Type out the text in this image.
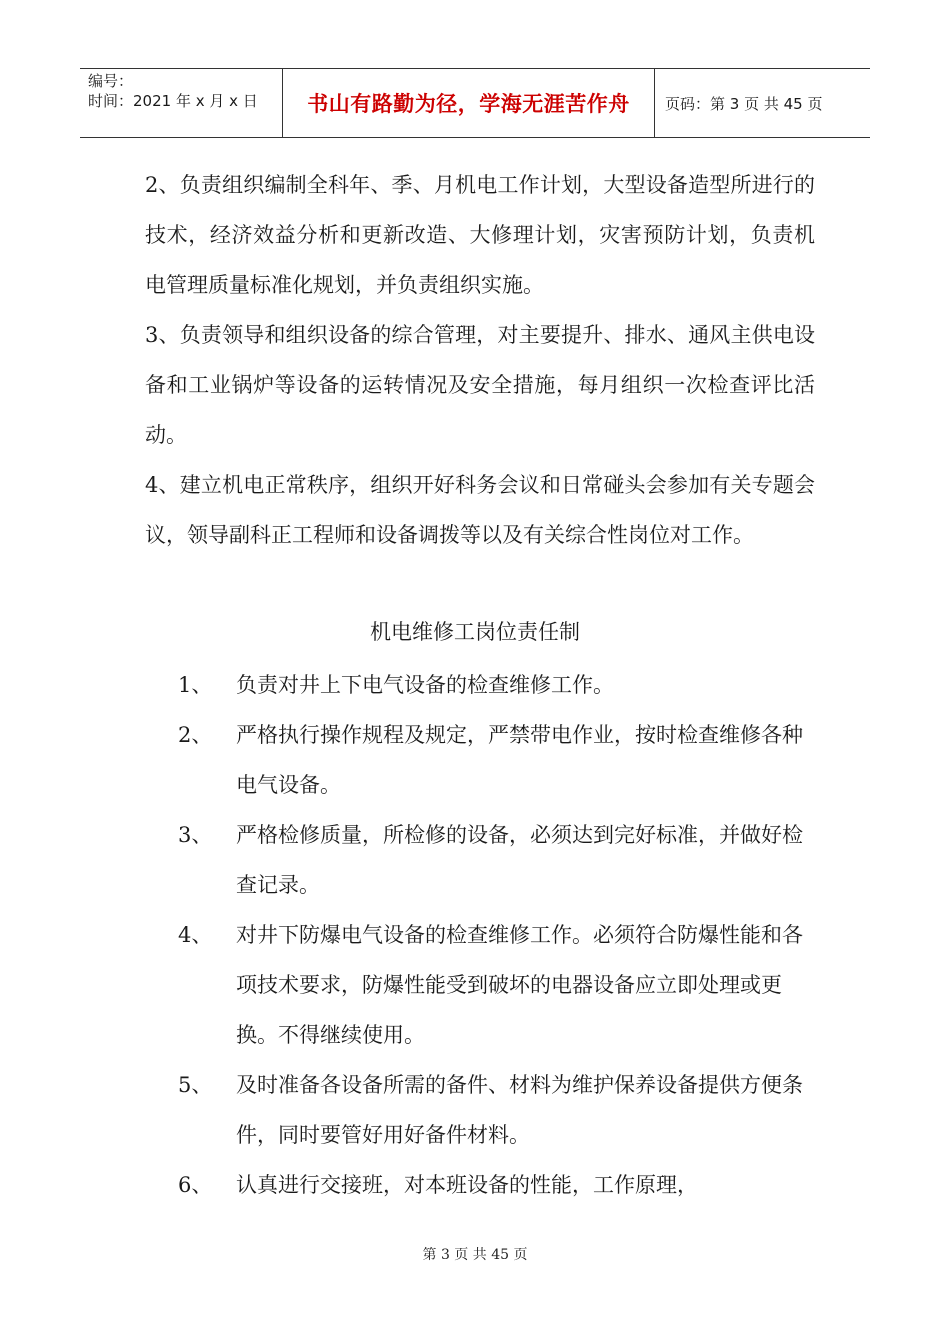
编号：
时间：2021 年 x 月 x 日	书山有路勤为径，学海无涯苦作舟	页码：第 3 页 共 45 页

2、负责组织编制全科年、季、月机电工作计划，大型设备造型所进行的技术，经济效益分析和更新改造、大修理计划，灾害预防计划，负责机电管理质量标准化规划，并负责组织实施。

3、负责领导和组织设备的综合管理，对主要提升、排水、通风主供电设备和工业锅炉等设备的运转情况及安全措施，每月组织一次检查评比活动。

4、建立机电正常秩序，组织开好科务会议和日常碰头会参加有关专题会议，领导副科正工程师和设备调拨等以及有关综合性岗位对工作。

机电维修工岗位责任制
1、	负责对井上下电气设备的检查维修工作。
2、	严格执行操作规程及规定，严禁带电作业，按时检查维修各种电气设备。
3、	严格检修质量，所检修的设备，必须达到完好标准，并做好检查记录。
4、	对井下防爆电气设备的检查维修工作。必须符合防爆性能和各项技术要求，防爆性能受到破坏的电器设备应立即处理或更换。不得继续使用。
5、	及时准备各设备所需的备件、材料为维护保养设备提供方便条件，同时要管好用好备件材料。
6、	认真进行交接班，对本班设备的性能，工作原理，
第 3 页 共 45 页
